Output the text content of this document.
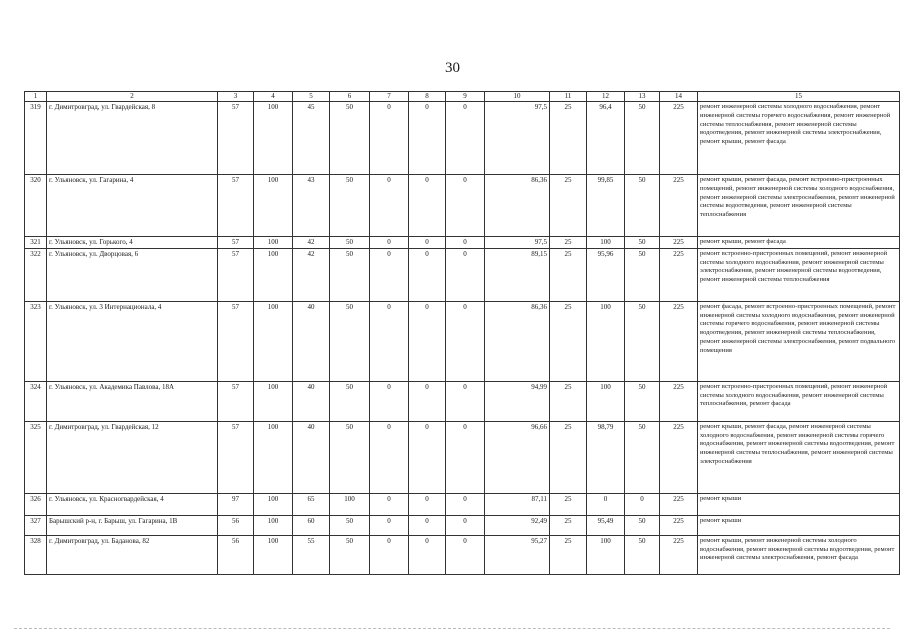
30
1	2	3	4	5	6	7	8	9	10	11	12	13	14	15
319	г. Димитровград, ул. Гвардейская, 8	57	100	45	50	0	0	0	97,5	25	96,4	50	225	ремонт инженерной системы холодного водоснабжения, ремонт инженерной системы горячего водоснабжения, ремонт инженерной системы теплоснабжения, ремонт инженерной системы водоотведения, ремонт инженерной системы электроснабжения, ремонт крыши, ремонт фасада
320	г. Ульяновск, ул. Гагарина, 4	57	100	43	50	0	0	0	86,36	25	99,85	50	225	ремонт крыши, ремонт фасада, ремонт встроенно-пристроенных помещений, ремонт инженерной системы холодного водоснабжения, ремонт инженерной системы электроснабжения, ремонт инженерной системы водоотведения, ремонт инженерной системы теплоснабжения
321	г. Ульяновск, ул. Горького, 4	57	100	42	50	0	0	0	97,5	25	100	50	225	ремонт крыши, ремонт фасада
322	г. Ульяновск, ул. Дворцовая, 6	57	100	42	50	0	0	0	89,15	25	95,96	50	225	ремонт встроенно-пристроенных помещений, ремонт инженерной системы холодного водоснабжения, ремонт инженерной системы электроснабжения, ремонт инженерной системы водоотведения, ремонт инженерной системы теплоснабжения
323	г. Ульяновск, ул. 3 Интернационала, 4	57	100	40	50	0	0	0	86,36	25	100	50	225	ремонт фасада, ремонт встроенно-пристроенных помещений, ремонт инженерной системы холодного водоснабжения, ремонт инженерной системы горячего водоснабжения, ремонт инженерной системы водоотведения, ремонт инженерной системы теплоснабжения, ремонт инженерной системы электроснабжения, ремонт подвального помещения
324	г. Ульяновск, ул. Академика Павлова, 18А	57	100	40	50	0	0	0	94,99	25	100	50	225	ремонт встроенно-пристроенных помещений, ремонт инженерной системы холодного водоснабжения, ремонт инженерной системы теплоснабжения, ремонт фасада
325	г. Димитровград, ул. Гвардейская, 12	57	100	40	50	0	0	0	96,66	25	98,79	50	225	ремонт крыши, ремонт фасада, ремонт инженерной системы холодного водоснабжения, ремонт инженерной системы горячего водоснабжения, ремонт инженерной системы водоотведения, ремонт инженерной системы теплоснабжения, ремонт инженерной системы электроснабжения
326	г. Ульяновск, ул. Красногвардейская, 4	97	100	65	100	0	0	0	87,11	25	0	0	225	ремонт крыши
327	Барышский р-н, г. Барыш, ул. Гагарина, 1В	56	100	60	50	0	0	0	92,49	25	95,49	50	225	ремонт крыши
328	г. Димитровград, ул. Баданова, 82	56	100	55	50	0	0	0	95,27	25	100	50	225	ремонт крыши, ремонт инженерной системы холодного водоснабжения, ремонт инженерной системы водоотведения, ремонт инженерной системы электроснабжения, ремонт фасада
